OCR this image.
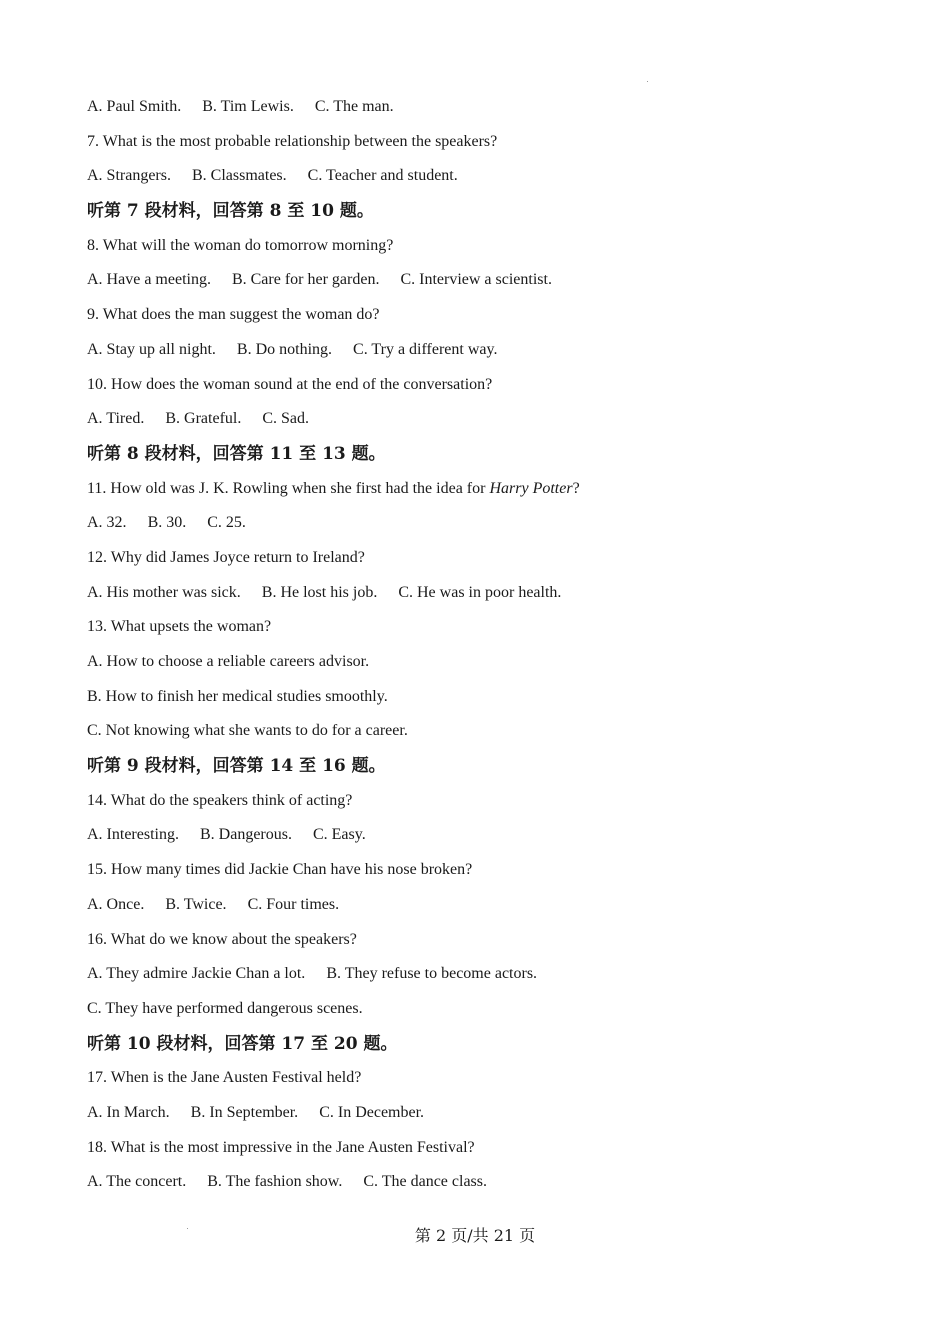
A. Paul Smith. B. Tim Lewis. C. The man.
7. What is the most probable relationship between the speakers?
A. Strangers. B. Classmates. C. Teacher and student.
听第 7 段材料，回答第 8 至 10 题。
8. What will the woman do tomorrow morning?
A. Have a meeting. B. Care for her garden. C. Interview a scientist.
9. What does the man suggest the woman do?
A. Stay up all night. B. Do nothing. C. Try a different way.
10. How does the woman sound at the end of the conversation?
A. Tired. B. Grateful. C. Sad.
听第 8 段材料，回答第 11 至 13 题。
11. How old was J. K. Rowling when she first had the idea for Harry Potter?
A. 32. B. 30. C. 25.
12. Why did James Joyce return to Ireland?
A. His mother was sick. B. He lost his job. C. He was in poor health.
13. What upsets the woman?
A. How to choose a reliable careers advisor.
B. How to finish her medical studies smoothly.
C. Not knowing what she wants to do for a career.
听第 9 段材料，回答第 14 至 16 题。
14. What do the speakers think of acting?
A. Interesting. B. Dangerous. C. Easy.
15. How many times did Jackie Chan have his nose broken?
A. Once. B. Twice. C. Four times.
16. What do we know about the speakers?
A. They admire Jackie Chan a lot. B. They refuse to become actors.
C. They have performed dangerous scenes.
听第 10 段材料，回答第 17 至 20 题。
17. When is the Jane Austen Festival held?
A. In March. B. In September. C. In December.
18. What is the most impressive in the Jane Austen Festival?
A. The concert. B. The fashion show. C. The dance class.
第 2 页/共 21 页
